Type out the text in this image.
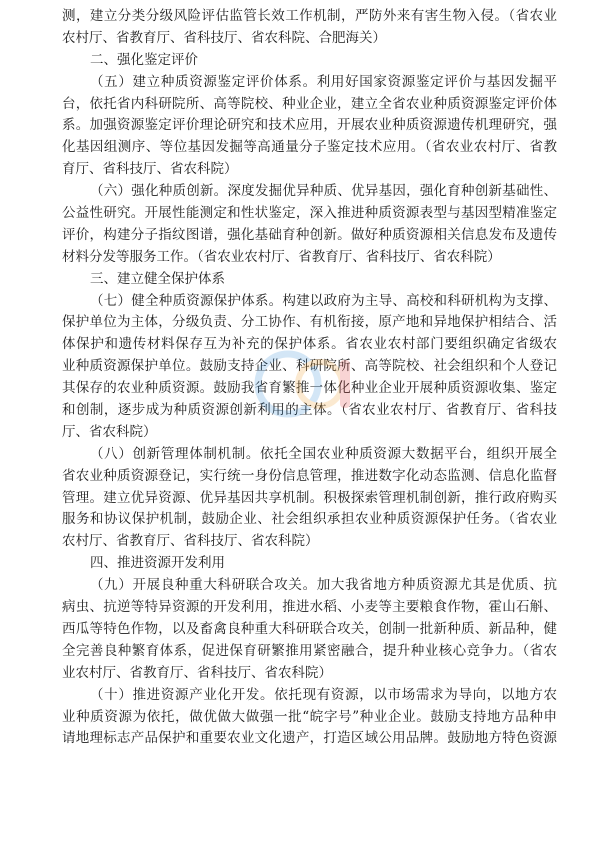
测，建立分类分级风险评估监管长效工作机制，严防外来有害生物入侵。（省农业
农村厅、省教育厅、省科技厅、省农科院、合肥海关）
二、强化鉴定评价
（五）建立种质资源鉴定评价体系。利用好国家资源鉴定评价与基因发掘平
台，依托省内科研院所、高等院校、种业企业，建立全省农业种质资源鉴定评价体
系。加强资源鉴定评价理论研究和技术应用，开展农业种质资源遗传机理研究，强
化基因组测序、等位基因发掘等高通量分子鉴定技术应用。（省农业农村厅、省教
育厅、省科技厅、省农科院）
（六）强化种质创新。深度发掘优异种质、优异基因，强化育种创新基础性、
公益性研究。开展性能测定和性状鉴定，深入推进种质资源表型与基因型精准鉴定
评价，构建分子指纹图谱，强化基础育种创新。做好种质资源相关信息发布及遗传
材料分发等服务工作。（省农业农村厅、省教育厅、省科技厅、省农科院）
三、建立健全保护体系
（七）健全种质资源保护体系。构建以政府为主导、高校和科研机构为支撑、
保护单位为主体，分级负责、分工协作、有机衔接，原产地和异地保护相结合、活
体保护和遗传材料保存互为补充的保护体系。省农业农村部门要组织确定省级农
业种质资源保护单位。鼓励支持企业、科研院所、高等院校、社会组织和个人登记
其保存的农业种质资源。鼓励我省育繁推一体化种业企业开展种质资源收集、鉴定
和创制，逐步成为种质资源创新利用的主体。（省农业农村厅、省教育厅、省科技
厅、省农科院）
（八）创新管理体制机制。依托全国农业种质资源大数据平台，组织开展全
省农业种质资源登记，实行统一身份信息管理，推进数字化动态监测、信息化监督
管理。建立优异资源、优异基因共享机制。积极探索管理机制创新，推行政府购买
服务和协议保护机制，鼓励企业、社会组织承担农业种质资源保护任务。（省农业
农村厅、省教育厅、省科技厅、省农科院）
四、推进资源开发利用
（九）开展良种重大科研联合攻关。加大我省地方种质资源尤其是优质、抗
病虫、抗逆等特异资源的开发利用，推进水稻、小麦等主要粮食作物，霍山石斛、
西瓜等特色作物，以及畜禽良种重大科研联合攻关，创制一批新种质、新品种，健
全完善良种繁育体系，促进保育研繁推用紧密融合，提升种业核心竞争力。（省农
业农村厅、省教育厅、省科技厅、省农科院）
（十）推进资源产业化开发。依托现有资源，以市场需求为导向，以地方农
业种质资源为依托，做优做大做强一批“皖字号”种业企业。鼓励支持地方品种申
请地理标志产品保护和重要农业文化遗产，打造区域公用品牌。鼓励地方特色资源
